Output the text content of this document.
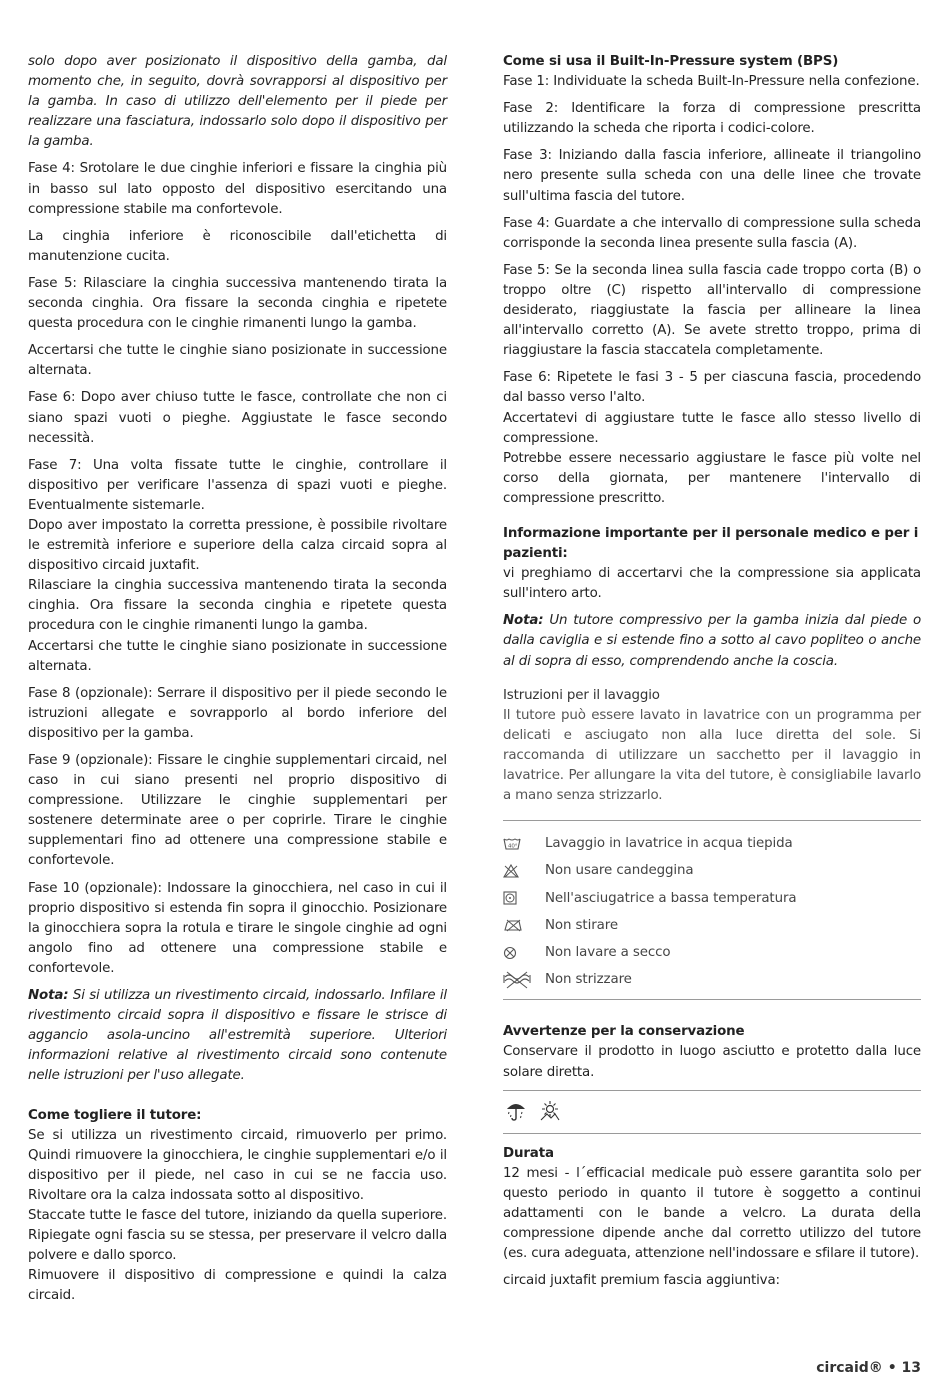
solo dopo aver posizionato il dispositivo della gamba, dal momento che, in seguito, dovrà sovrapporsi al dispositivo per la gamba. In caso di utilizzo dell'elemento per il piede per realizzare una fasciatura, indossarlo solo dopo il dispositivo per la gamba.

Fase 4: Srotolare le due cinghie inferiori e fissare la cinghia più in basso sul lato opposto del dispositivo esercitando una compressione stabile ma confortevole.

La cinghia inferiore è riconoscibile dall'etichetta di manutenzione cucita.

Fase 5: Rilasciare la cinghia successiva mantenendo tirata la seconda cinghia. Ora fissare la seconda cinghia e ripetete questa procedura con le cinghie rimanenti lungo la gamba.

Accertarsi che tutte le cinghie siano posizionate in successione alternata.

Fase 6: Dopo aver chiuso tutte le fasce, controllate che non ci siano spazi vuoti o pieghe. Aggiustate le fasce secondo necessità.

Fase 7: Una volta fissate tutte le cinghie, controllare il dispositivo per verificare l'assenza di spazi vuoti e pieghe. Eventualmente sistemarle.
Dopo aver impostato la corretta pressione, è possibile rivoltare le estremità inferiore e superiore della calza circaid sopra al dispositivo circaid juxtafit.
Rilasciare la cinghia successiva mantenendo tirata la seconda cinghia. Ora fissare la seconda cinghia e ripetete questa procedura con le cinghie rimanenti lungo la gamba.
Accertarsi che tutte le cinghie siano posizionate in successione alternata.

Fase 8 (opzionale): Serrare il dispositivo per il piede secondo le istruzioni allegate e sovrapporlo al bordo inferiore del dispositivo per la gamba.

Fase 9 (opzionale): Fissare le cinghie supplementari circaid, nel caso in cui siano presenti nel proprio dispositivo di compressione. Utilizzare le cinghie supplementari per sostenere determinate aree o per coprirle. Tirare le cinghie supplementari fino ad ottenere una compressione stabile e confortevole.

Fase 10 (opzionale): Indossare la ginocchiera, nel caso in cui il proprio dispositivo si estenda fin sopra il ginocchio. Posizionare la ginocchiera sopra la rotula e tirare le singole cinghie ad ogni angolo fino ad ottenere una compressione stabile e confortevole.

Nota: Si si utilizza un rivestimento circaid, indossarlo. Infilare il rivestimento circaid sopra il dispositivo e fissare le strisce di aggancio asola-uncino all'estremità superiore. Ulteriori informazioni relative al rivestimento circaid sono contenute nelle istruzioni per l'uso allegate.

Come togliere il tutore:
Se si utilizza un rivestimento circaid, rimuoverlo per primo. Quindi rimuovere la ginocchiera, le cinghie supplementari e/o il dispositivo per il piede, nel caso in cui se ne faccia uso. Rivoltare ora la calza indossata sotto al dispositivo.
Staccate tutte le fasce del tutore, iniziando da quella superiore. Ripiegate ogni fascia su se stessa, per preservare il velcro dalla polvere e dallo sporco.
Rimuovere il dispositivo di compressione e quindi la calza circaid.
Come si usa il Built-In-Pressure system (BPS)

Fase 1: Individuate la scheda Built-In-Pressure nella confezione.

Fase 2: Identificare la forza di compressione prescritta utilizzando la scheda che riporta i codici-colore.

Fase 3: Iniziando dalla fascia inferiore, allineate il triangolino nero presente sulla scheda con una delle linee che trovate sull'ultima fascia del tutore.

Fase 4: Guardate a che intervallo di compressione sulla scheda corrisponde la seconda linea presente sulla fascia (A).

Fase 5: Se la seconda linea sulla fascia cade troppo corta (B) o troppo oltre (C) rispetto all'intervallo di compressione desiderato, riaggiustate la fascia per allineare la linea all'intervallo corretto (A). Se avete stretto troppo, prima di riaggiustare la fascia staccatela completamente.

Fase 6: Ripetete le fasi 3 - 5 per ciascuna fascia, procedendo dal basso verso l'alto.
Accertatevi di aggiustare tutte le fasce allo stesso livello di compressione.
Potrebbe essere necessario aggiustare le fasce più volte nel corso della giornata, per mantenere l'intervallo di compressione prescritto.
Informazione importante per il personale medico e per i pazienti:

vi preghiamo di accertarvi che la compressione sia applicata sull'intero arto.

Nota: Un tutore compressivo per la gamba inizia dal piede o dalla caviglia e si estende fino a sotto al cavo popliteo o anche al di sopra di esso, comprendendo anche la coscia.

Istruzioni per il lavaggio

Il tutore può essere lavato in lavatrice con un programma per delicati e asciugato non alla luce diretta del sole. Si raccomanda di utilizzare un sacchetto per il lavaggio in lavatrice. Per allungare la vita del tutore, è consigliabile lavarlo a mano senza strizzarlo.

40° Lavaggio in lavatrice in acqua tiepida
Non usare candeggina
Nell'asciugatrice a bassa temperatura
Non stirare
Non lavare a secco
Non strizzare
Avvertenze per la conservazione

Conservare il prodotto in luogo asciutto e protetto dalla luce solare diretta.

Durata

12 mesi - l´efficacial medicale può essere garantita solo per questo periodo in quanto il tutore è soggetto a continui adattamenti con le bande a velcro. La durata della compressione dipende anche dal corretto utilizzo del tutore (es. cura adeguata, attenzione nell'indossare e sfilare il tutore).

circaid juxtafit premium fascia aggiuntiva:

circaid® • 13
